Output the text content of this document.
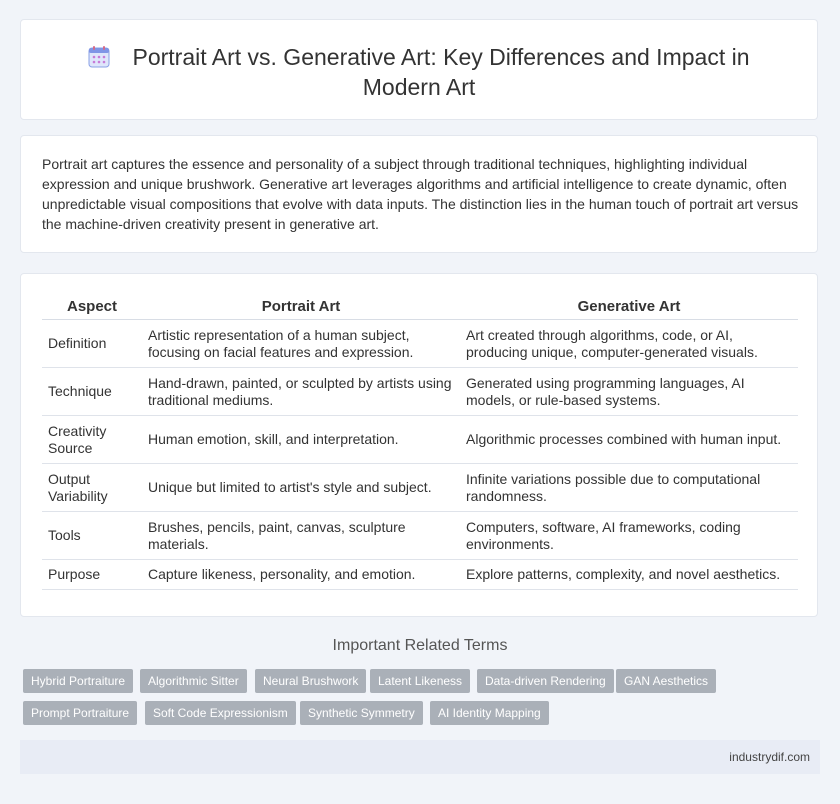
Portrait Art vs. Generative Art: Key Differences and Impact in Modern Art

Portrait art captures the essence and personality of a subject through traditional techniques, highlighting individual expression and unique brushwork. Generative art leverages algorithms and artificial intelligence to create dynamic, often unpredictable visual compositions that evolve with data inputs. The distinction lies in the human touch of portrait art versus the machine-driven creativity present in generative art.

Aspect	Portrait Art	Generative Art
Definition	Artistic representation of a human subject, focusing on facial features and expression.	Art created through algorithms, code, or AI, producing unique, computer-generated visuals.
Technique	Hand-drawn, painted, or sculpted by artists using traditional mediums.	Generated using programming languages, AI models, or rule-based systems.
Creativity Source	Human emotion, skill, and interpretation.	Algorithmic processes combined with human input.
Output Variability	Unique but limited to artist's style and subject.	Infinite variations possible due to computational randomness.
Tools	Brushes, pencils, paint, canvas, sculpture materials.	Computers, software, AI frameworks, coding environments.
Purpose	Capture likeness, personality, and emotion.	Explore patterns, complexity, and novel aesthetics.
Important Related Terms
Hybrid Portraiture	Algorithmic Sitter	Neural Brushwork	Latent Likeness	Data-driven Rendering	GAN Aesthetics
Prompt Portraiture	Soft Code Expressionism	Synthetic Symmetry	AI Identity Mapping
industrydif.com
